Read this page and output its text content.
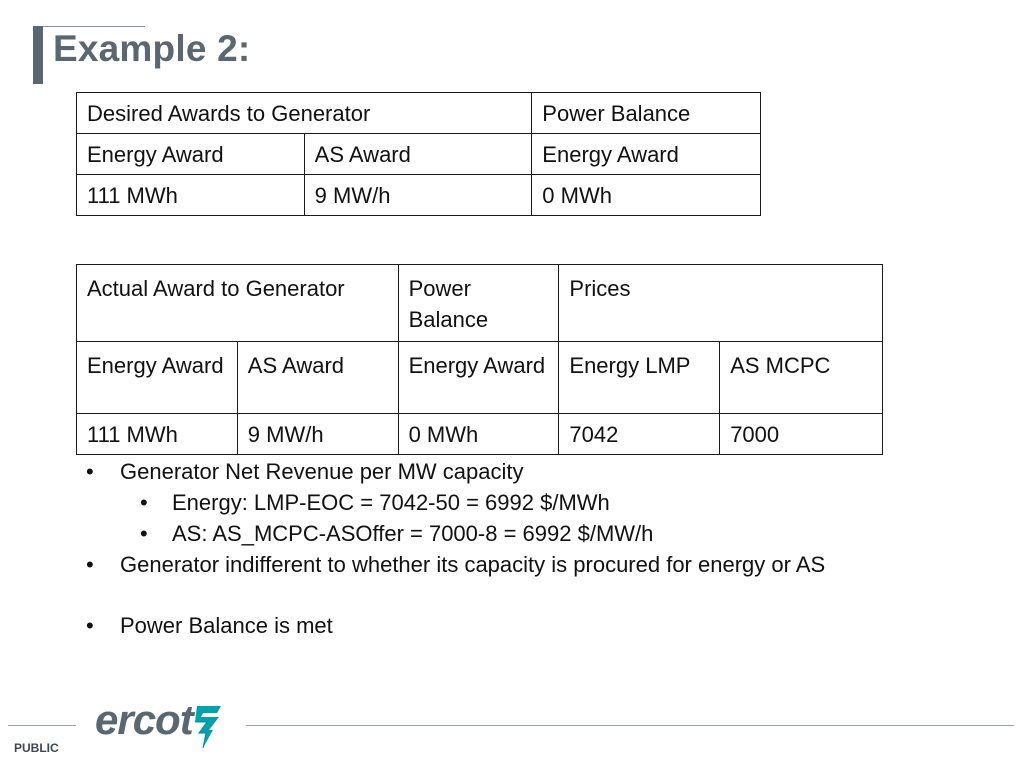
Example 2:
Desired Awards to Generator		Power Balance
Energy Award	AS Award	Energy Award
111 MWh	9 MW/h	0 MWh
Actual Award to Generator		Power Balance	Prices	
Energy Award	AS Award	Energy Award	Energy LMP	AS MCPC
111 MWh	9 MW/h	0 MWh	7042	7000
• Generator Net Revenue per MW capacity
• Energy: LMP-EOC = 7042-50 = 6992 $/MWh
• AS: AS_MCPC-ASOffer = 7000-8 = 6992 $/MW/h
• Generator indifferent to whether its capacity is procured for energy or AS
• Power Balance is met
ercot
PUBLIC
